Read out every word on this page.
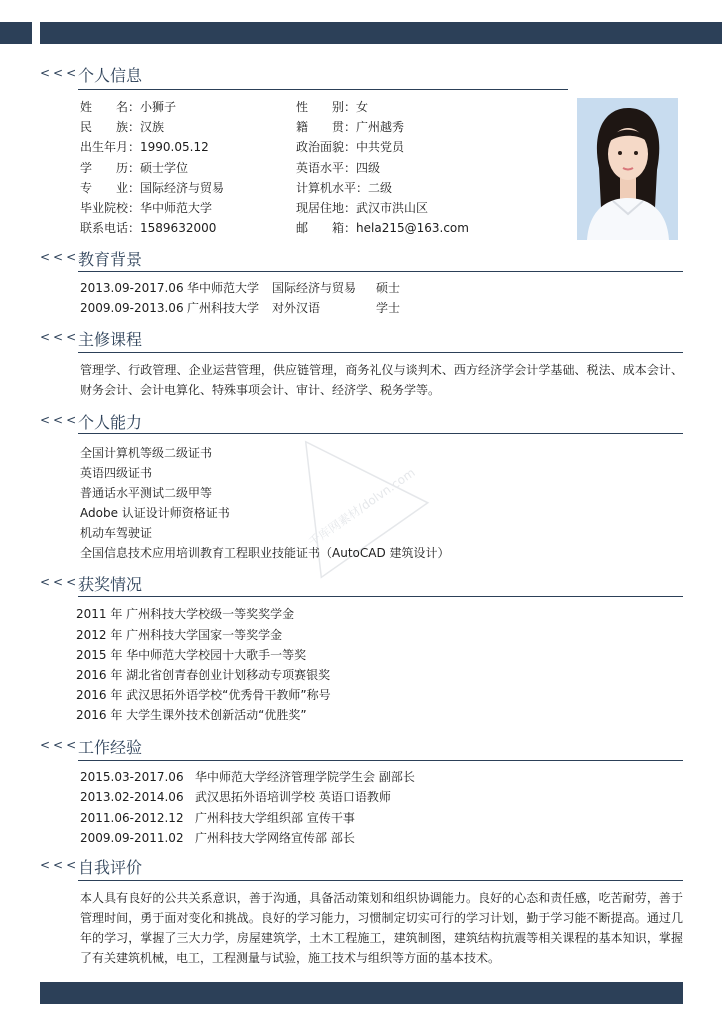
<<<
个人信息
姓　　名：小狮子
民　　族：汉族
出生年月：1990.05.12
学　　历：硕士学位
专　　业：国际经济与贸易
毕业院校：华中师范大学
联系电话：1589632000
性　　别：女
籍　　贯：广州越秀
政治面貌：中共党员
英语水平：四级
计算机水平：二级
现居住地：武汉市洪山区
邮　　箱：hela215@163.com
<<<
教育背景
2013.09-2017.06 华中师范大学 国际经济与贸易 硕士
2009.09-2013.06 广州科技大学 对外汉语	学士
<<<
主修课程
管理学、行政管理、企业运营管理，供应链管理，商务礼仪与谈判术、西方经济学会计学基础、税法、成本会计、财务会计、会计电算化、特殊事项会计、审计、经济学、税务学等。
<<<
个人能力
全国计算机等级二级证书
英语四级证书
普通话水平测试二级甲等
Adobe 认证设计师资格证书
机动车驾驶证
全国信息技术应用培训教育工程职业技能证书（AutoCAD 建筑设计）
<<<
获奖情况
2011 年 广州科技大学校级一等奖奖学金
2012 年 广州科技大学国家一等奖学金
2015 年 华中师范大学校园十大歌手一等奖
2016 年 湖北省创青春创业计划移动专项赛银奖
2016 年 武汉思拓外语学校“优秀骨干教师”称号
2016 年 大学生课外技术创新活动“优胜奖”
<<<
工作经验
2015.03-2017.06 华中师范大学经济管理学院学生会 副部长
2013.02-2014.06 武汉思拓外语培训学校 英语口语教师
2011.06-2012.12 广州科技大学组织部 宣传干事
2009.09-2011.02 广州科技大学网络宣传部 部长
<<<
自我评价
本人具有良好的公共关系意识，善于沟通，具备活动策划和组织协调能力。良好的心态和责任感，吃苦耐劳，善于管理时间，勇于面对变化和挑战。良好的学习能力，习惯制定切实可行的学习计划，勤于学习能不断提高。通过几年的学习，掌握了三大力学，房屋建筑学，土木工程施工，建筑制图，建筑结构抗震等相关课程的基本知识，掌握了有关建筑机械，电工，工程测量与试验，施工技术与组织等方面的基本技术。
千库网素材/dolvn.com
